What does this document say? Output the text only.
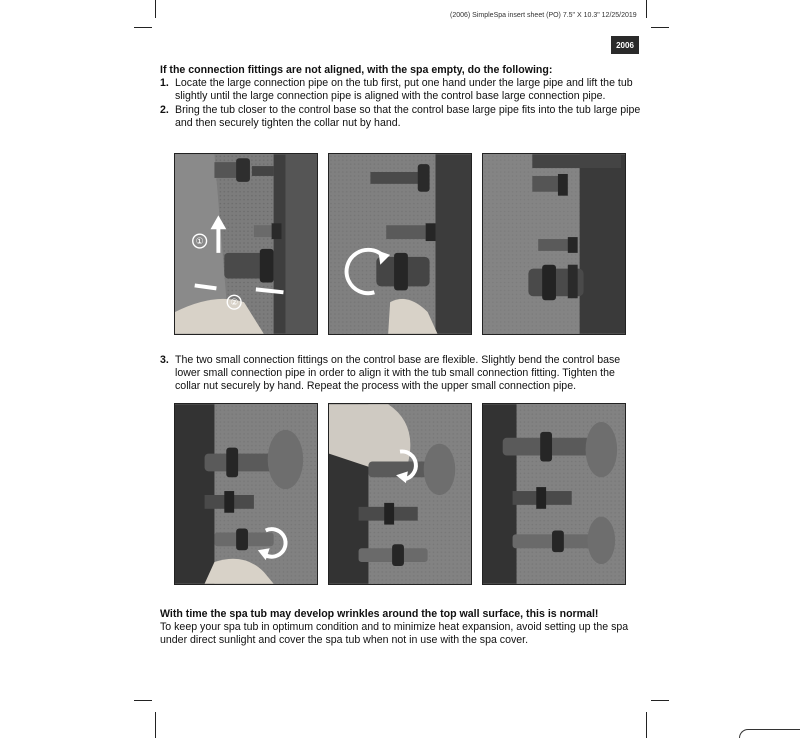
(2006) SimpleSpa insert sheet (PO) 7.5" X 10.3" 12/25/2019
2006

If the connection fittings are not aligned, with the spa empty, do the following:

1. Locate the large connection pipe on the tub first, put one hand under the large pipe and lift the tub slightly until the large connection pipe is aligned with the control base large connection pipe.

2. Bring the tub closer to the control base so that the control base large pipe fits into the tub large pipe and then securely tighten the collar nut by hand.

①
②

3. The two small connection fittings on the control base are flexible. Slightly bend the control base lower small connection pipe in order to align it with the tub small connection fitting. Tighten the collar nut securely by hand. Repeat the process with the upper small connection pipe.

With time the spa tub may develop wrinkles around the top wall surface, this is normal!

To keep your spa tub in optimum condition and to minimize heat expansion, avoid setting up the spa under direct sunlight and cover the spa tub when not in use with the spa cover.
